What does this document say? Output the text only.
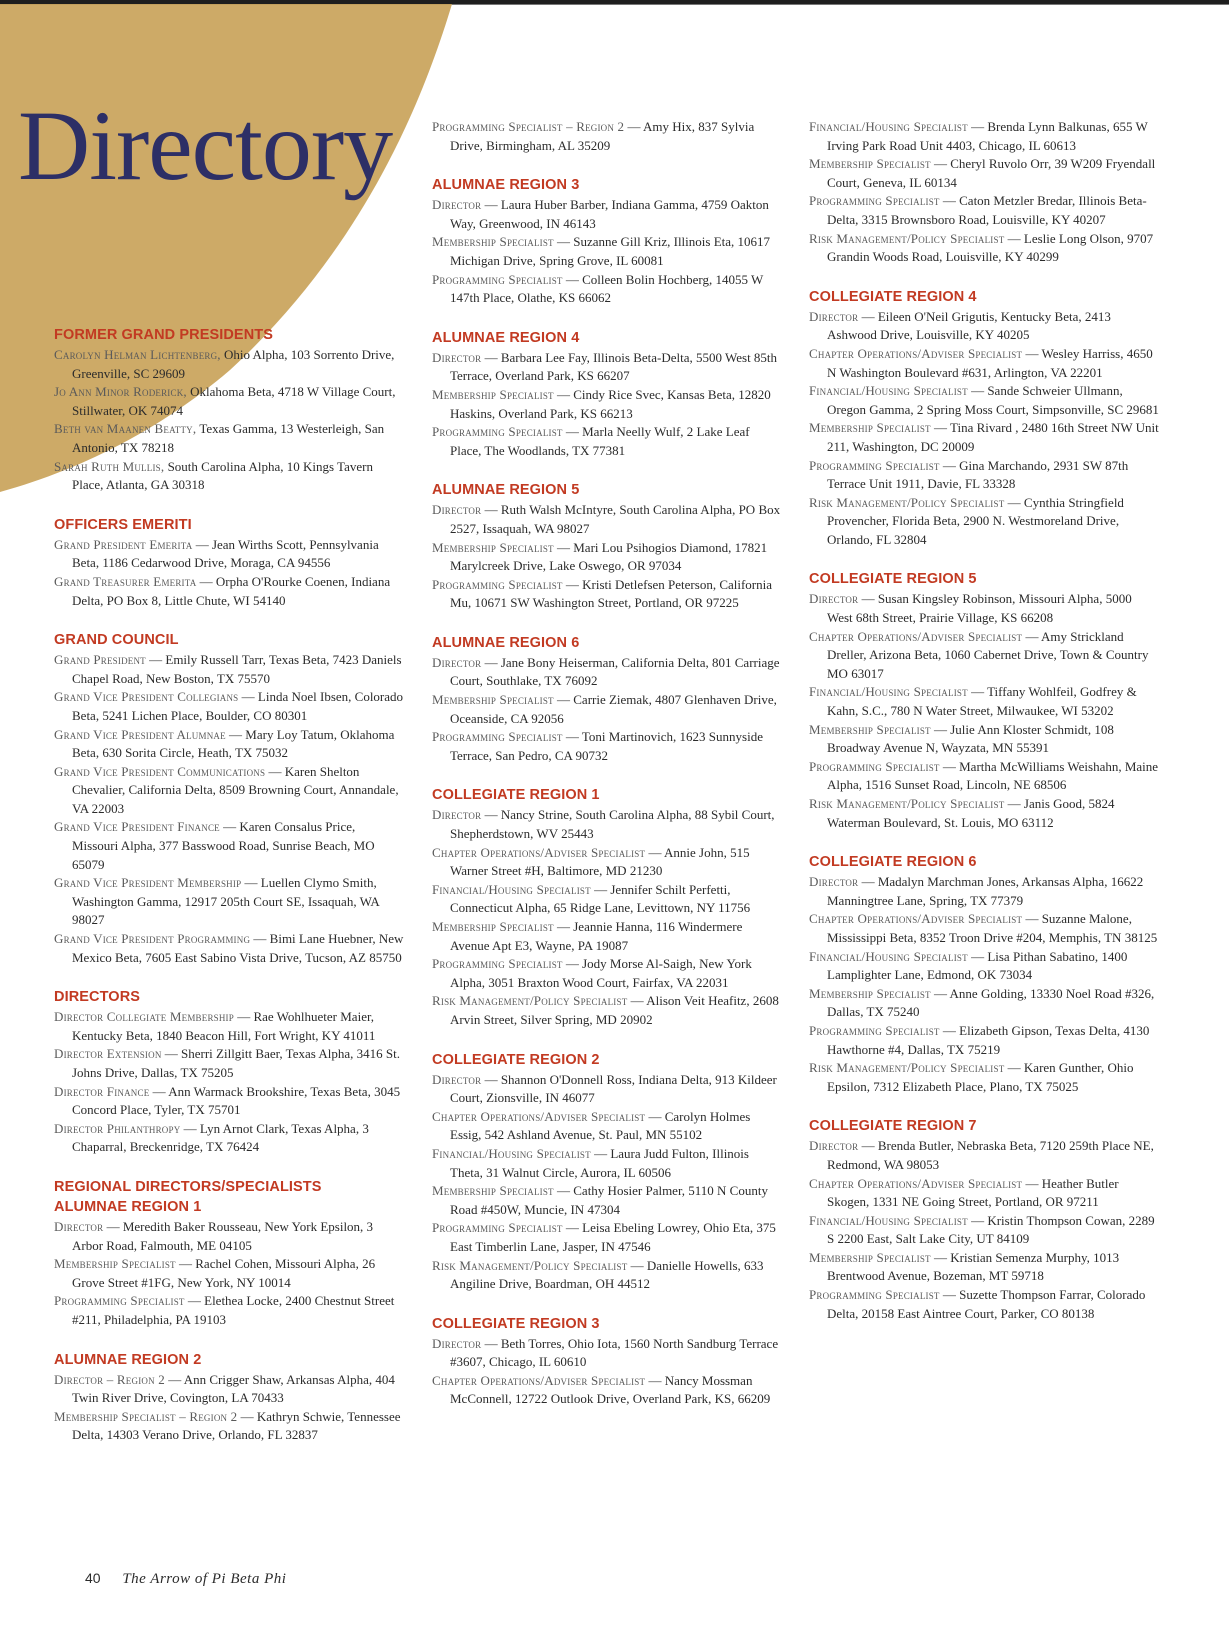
Directory
FORMER GRAND PRESIDENTS

Carolyn Helman Lichtenberg, Ohio Alpha, 103 Sorrento Drive, Greenville, SC 29609

Jo Ann Minor Roderick, Oklahoma Beta, 4718 W Village Court, Stillwater, OK 74074

Beth van Maanen Beatty, Texas Gamma, 13 Westerleigh, San Antonio, TX 78218

Sarah Ruth Mullis, South Carolina Alpha, 10 Kings Tavern Place, Atlanta, GA 30318

OFFICERS EMERITI

Grand President Emerita — Jean Wirths Scott, Pennsylvania Beta, 1186 Cedarwood Drive, Moraga, CA 94556

Grand Treasurer Emerita — Orpha O'Rourke Coenen, Indiana Delta, PO Box 8, Little Chute, WI 54140

GRAND COUNCIL

Grand President — Emily Russell Tarr, Texas Beta, 7423 Daniels Chapel Road, New Boston, TX 75570

Grand Vice President Collegians — Linda Noel Ibsen, Colorado Beta, 5241 Lichen Place, Boulder, CO 80301

Grand Vice President Alumnae — Mary Loy Tatum, Oklahoma Beta, 630 Sorita Circle, Heath, TX 75032

Grand Vice President Communications — Karen Shelton Chevalier, California Delta, 8509 Browning Court, Annandale, VA 22003

Grand Vice President Finance — Karen Consalus Price, Missouri Alpha, 377 Basswood Road, Sunrise Beach, MO 65079

Grand Vice President Membership — Luellen Clymo Smith, Washington Gamma, 12917 205th Court SE, Issaquah, WA 98027

Grand Vice President Programming — Bimi Lane Huebner, New Mexico Beta, 7605 East Sabino Vista Drive, Tucson, AZ 85750

DIRECTORS

Director Collegiate Membership — Rae Wohlhueter Maier, Kentucky Beta, 1840 Beacon Hill, Fort Wright, KY 41011

Director Extension — Sherri Zillgitt Baer, Texas Alpha, 3416 St. Johns Drive, Dallas, TX 75205

Director Finance — Ann Warmack Brookshire, Texas Beta, 3045 Concord Place, Tyler, TX 75701

Director Philanthropy — Lyn Arnot Clark, Texas Alpha, 3 Chaparral, Breckenridge, TX 76424

REGIONAL DIRECTORS/SPECIALISTS
ALUMNAE REGION 1

Director — Meredith Baker Rousseau, New York Epsilon, 3 Arbor Road, Falmouth, ME 04105

Membership Specialist — Rachel Cohen, Missouri Alpha, 26 Grove Street #1FG, New York, NY 10014

Programming Specialist — Elethea Locke, 2400 Chestnut Street #211, Philadelphia, PA 19103

ALUMNAE REGION 2

Director – Region 2 — Ann Crigger Shaw, Arkansas Alpha, 404 Twin River Drive, Covington, LA 70433

Membership Specialist – Region 2 — Kathryn Schwie, Tennessee Delta, 14303 Verano Drive, Orlando, FL 32837

Programming Specialist – Region 2 — Amy Hix, 837 Sylvia Drive, Birmingham, AL 35209

ALUMNAE REGION 3

Director — Laura Huber Barber, Indiana Gamma, 4759 Oakton Way, Greenwood, IN 46143

Membership Specialist — Suzanne Gill Kriz, Illinois Eta, 10617 Michigan Drive, Spring Grove, IL 60081

Programming Specialist — Colleen Bolin Hochberg, 14055 W 147th Place, Olathe, KS 66062

ALUMNAE REGION 4

Director — Barbara Lee Fay, Illinois Beta-Delta, 5500 West 85th Terrace, Overland Park, KS 66207

Membership Specialist — Cindy Rice Svec, Kansas Beta, 12820 Haskins, Overland Park, KS 66213

Programming Specialist — Marla Neelly Wulf, 2 Lake Leaf Place, The Woodlands, TX 77381

ALUMNAE REGION 5

Director — Ruth Walsh McIntyre, South Carolina Alpha, PO Box 2527, Issaquah, WA 98027

Membership Specialist — Mari Lou Psihogios Diamond, 17821 Marylcreek Drive, Lake Oswego, OR 97034

Programming Specialist — Kristi Detlefsen Peterson, California Mu, 10671 SW Washington Street, Portland, OR 97225

ALUMNAE REGION 6

Director — Jane Bony Heiserman, California Delta, 801 Carriage Court, Southlake, TX 76092

Membership Specialist — Carrie Ziemak, 4807 Glenhaven Drive, Oceanside, CA 92056

Programming Specialist — Toni Martinovich, 1623 Sunnyside Terrace, San Pedro, CA 90732

COLLEGIATE REGION 1

Director — Nancy Strine, South Carolina Alpha, 88 Sybil Court, Shepherdstown, WV 25443

Chapter Operations/Adviser Specialist — Annie John, 515 Warner Street #H, Baltimore, MD 21230

Financial/Housing Specialist — Jennifer Schilt Perfetti, Connecticut Alpha, 65 Ridge Lane, Levittown, NY 11756

Membership Specialist — Jeannie Hanna, 116 Windermere Avenue Apt E3, Wayne, PA 19087

Programming Specialist — Jody Morse Al-Saigh, New York Alpha, 3051 Braxton Wood Court, Fairfax, VA 22031

Risk Management/Policy Specialist — Alison Veit Heafitz, 2608 Arvin Street, Silver Spring, MD 20902

COLLEGIATE REGION 2

Director — Shannon O'Donnell Ross, Indiana Delta, 913 Kildeer Court, Zionsville, IN 46077

Chapter Operations/Adviser Specialist — Carolyn Holmes Essig, 542 Ashland Avenue, St. Paul, MN 55102

Financial/Housing Specialist — Laura Judd Fulton, Illinois Theta, 31 Walnut Circle, Aurora, IL 60506

Membership Specialist — Cathy Hosier Palmer, 5110 N County Road #450W, Muncie, IN 47304

Programming Specialist — Leisa Ebeling Lowrey, Ohio Eta, 375 East Timberlin Lane, Jasper, IN 47546

Risk Management/Policy Specialist — Danielle Howells, 633 Angiline Drive, Boardman, OH 44512

COLLEGIATE REGION 3

Director — Beth Torres, Ohio Iota, 1560 North Sandburg Terrace #3607, Chicago, IL 60610

Chapter Operations/Adviser Specialist — Nancy Mossman McConnell, 12722 Outlook Drive, Overland Park, KS, 66209

Financial/Housing Specialist — Brenda Lynn Balkunas, 655 W Irving Park Road Unit 4403, Chicago, IL 60613

Membership Specialist — Cheryl Ruvolo Orr, 39 W209 Fryendall Court, Geneva, IL 60134

Programming Specialist — Caton Metzler Bredar, Illinois Beta-Delta, 3315 Brownsboro Road, Louisville, KY 40207

Risk Management/Policy Specialist — Leslie Long Olson, 9707 Grandin Woods Road, Louisville, KY 40299

COLLEGIATE REGION 4

Director — Eileen O'Neil Grigutis, Kentucky Beta, 2413 Ashwood Drive, Louisville, KY 40205

Chapter Operations/Adviser Specialist — Wesley Harriss, 4650 N Washington Boulevard #631, Arlington, VA 22201

Financial/Housing Specialist — Sande Schweier Ullmann, Oregon Gamma, 2 Spring Moss Court, Simpsonville, SC 29681

Membership Specialist — Tina Rivard , 2480 16th Street NW Unit 211, Washington, DC 20009

Programming Specialist — Gina Marchando, 2931 SW 87th Terrace Unit 1911, Davie, FL 33328

Risk Management/Policy Specialist — Cynthia Stringfield Provencher, Florida Beta, 2900 N. Westmoreland Drive, Orlando, FL 32804

COLLEGIATE REGION 5

Director — Susan Kingsley Robinson, Missouri Alpha, 5000 West 68th Street, Prairie Village, KS 66208

Chapter Operations/Adviser Specialist — Amy Strickland Dreller, Arizona Beta, 1060 Cabernet Drive, Town & Country MO 63017

Financial/Housing Specialist — Tiffany Wohlfeil, Godfrey & Kahn, S.C., 780 N Water Street, Milwaukee, WI 53202

Membership Specialist — Julie Ann Kloster Schmidt, 108 Broadway Avenue N, Wayzata, MN 55391

Programming Specialist — Martha McWilliams Weishahn, Maine Alpha, 1516 Sunset Road, Lincoln, NE 68506

Risk Management/Policy Specialist — Janis Good, 5824 Waterman Boulevard, St. Louis, MO 63112

COLLEGIATE REGION 6

Director — Madalyn Marchman Jones, Arkansas Alpha, 16622 Manningtree Lane, Spring, TX 77379

Chapter Operations/Adviser Specialist — Suzanne Malone, Mississippi Beta, 8352 Troon Drive #204, Memphis, TN 38125

Financial/Housing Specialist — Lisa Pithan Sabatino, 1400 Lamplighter Lane, Edmond, OK 73034

Membership Specialist — Anne Golding, 13330 Noel Road #326, Dallas, TX 75240

Programming Specialist — Elizabeth Gipson, Texas Delta, 4130 Hawthorne #4, Dallas, TX 75219

Risk Management/Policy Specialist — Karen Gunther, Ohio Epsilon, 7312 Elizabeth Place, Plano, TX 75025

COLLEGIATE REGION 7

Director — Brenda Butler, Nebraska Beta, 7120 259th Place NE, Redmond, WA 98053

Chapter Operations/Adviser Specialist — Heather Butler Skogen, 1331 NE Going Street, Portland, OR 97211

Financial/Housing Specialist — Kristin Thompson Cowan, 2289 S 2200 East, Salt Lake City, UT 84109

Membership Specialist — Kristian Semenza Murphy, 1013 Brentwood Avenue, Bozeman, MT 59718

Programming Specialist — Suzette Thompson Farrar, Colorado Delta, 20158 East Aintree Court, Parker, CO 80138

40 The Arrow of Pi Beta Phi
